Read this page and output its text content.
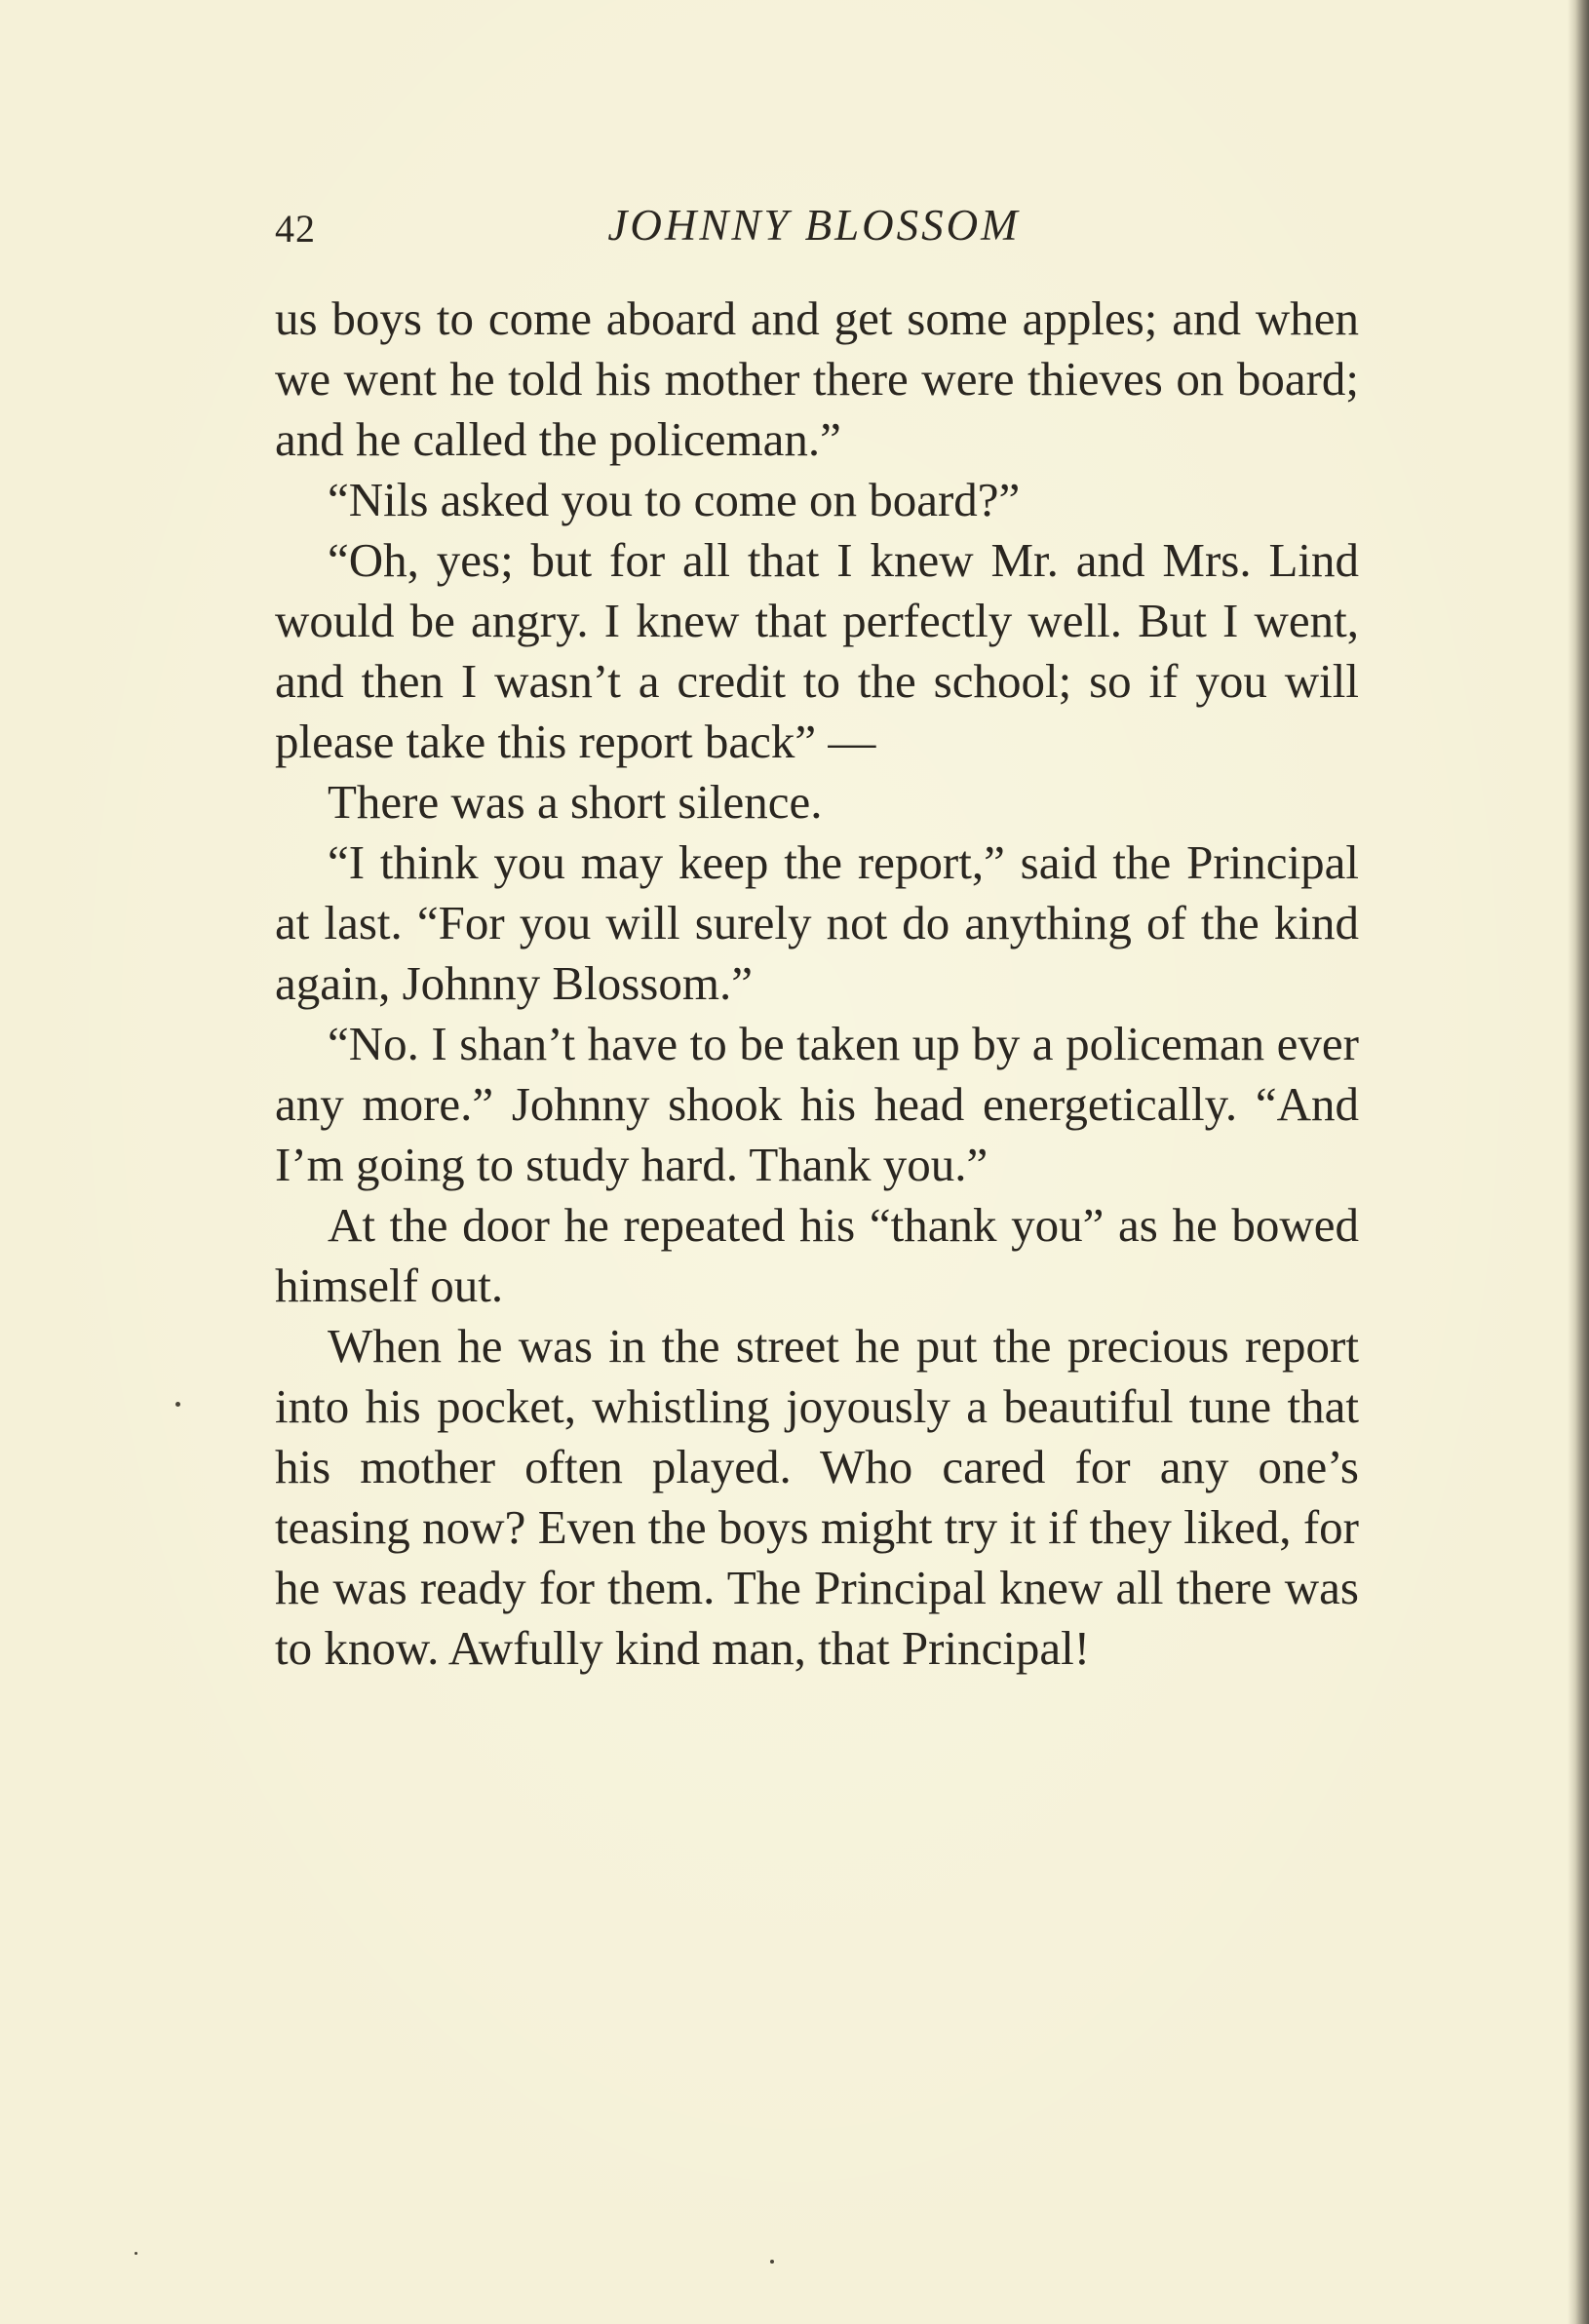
42	JOHNNY BLOSSOM

us boys to come aboard and get some apples; and when we went he told his mother there were thieves on board; and he called the policeman.”

“Nils asked you to come on board?”

“Oh, yes; but for all that I knew Mr. and Mrs. Lind would be angry. I knew that perfectly well. But I went, and then I wasn’t a credit to the school; so if you will please take this report back” —

There was a short silence.

“I think you may keep the report,” said the Principal at last. “For you will surely not do anything of the kind again, Johnny Blossom.”

“No. I shan’t have to be taken up by a policeman ever any more.” Johnny shook his head energetically. “And I’m going to study hard. Thank you.”

At the door he repeated his “thank you” as he bowed himself out.

When he was in the street he put the precious report into his pocket, whistling joyously a beautiful tune that his mother often played. Who cared for any one’s teasing now? Even the boys might try it if they liked, for he was ready for them. The Principal knew all there was to know. Awfully kind man, that Principal!
